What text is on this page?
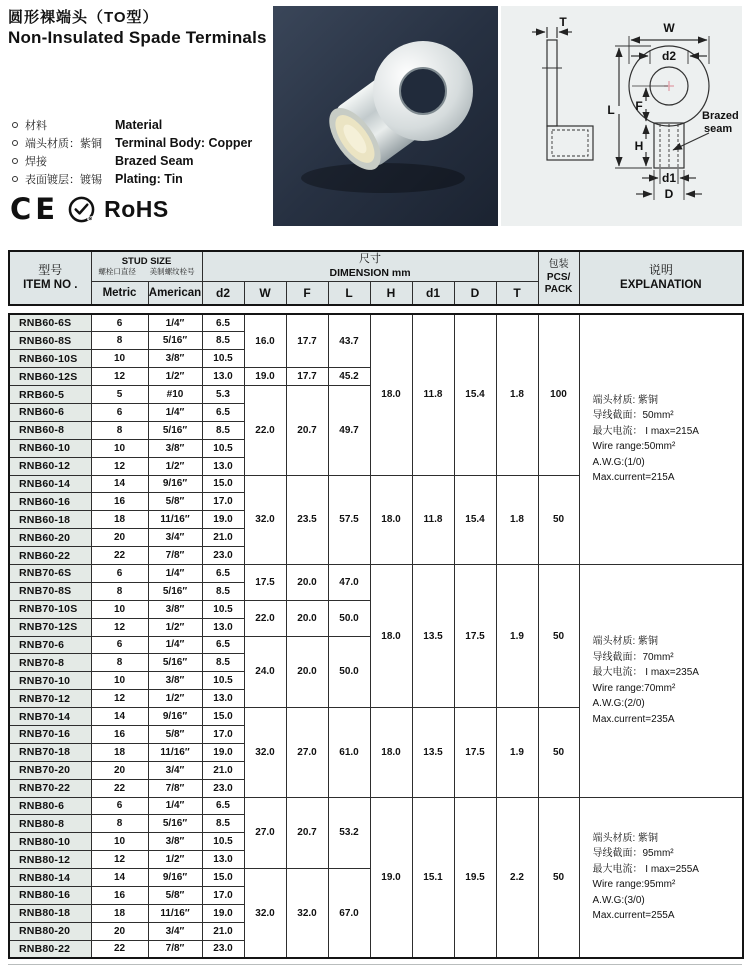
圆形裸端头（TO型）
Non-Insulated Spade Terminals
材料	Material
端头材质：紫铜	Terminal Body: Copper
焊接	Brazed Seam
表面镀层：镀锡	Plating: Tin
CE	※ RoHS
T	W
d2
L F
H
d1
D
Brazed
seam
型号
ITEM NO .

STUD SIZE
螺栓口直径 美制螺纹栓号

尺寸
DIMENSION mm

包装
PCS/
PACK

说明
EXPLANATION

	Metric	American	d2	W	F	L	H	d1	D	T		
RNB60-6S	6	1/4″	6.5	16.0	17.7	43.7	18.0	11.8	15.4	1.8	100	
端头材质: 紫铜
导线截面：50mm²
最大电流： I max=215A
Wire range:50mm²
A.W.G:(1/0)
Max.current=215A

RNB60-8S	8	5/16″	8.5									
RNB60-10S	10	3/8″	10.5									
RNB60-12S	12	1/2″	13.0	19.0	17.7	45.2						
RRB60-5	5	#10	5.3	22.0	20.7	49.7						
RNB60-6	6	1/4″	6.5									
RNB60-8	8	5/16″	8.5									
RNB60-10	10	3/8″	10.5									
RNB60-12	12	1/2″	13.0									
RNB60-14	14	9/16″	15.0	32.0	23.5	57.5	18.0	11.8	15.4	1.8	50	
RNB60-16	16	5/8″	17.0									
RNB60-18	18	11/16″	19.0									
RNB60-20	20	3/4″	21.0									
RNB60-22	22	7/8″	23.0									
RNB70-6S	6	1/4″	6.5	17.5	20.0	47.0	18.0	13.5	17.5	1.9	50	
端头材质: 紫铜
导线截面：70mm²
最大电流： I max=235A
Wire range:70mm²
A.W.G:(2/0)
Max.current=235A

RNB70-8S	8	5/16″	8.5									
RNB70-10S	10	3/8″	10.5	22.0	20.0	50.0						
RNB70-12S	12	1/2″	13.0									
RNB70-6	6	1/4″	6.5	24.0	20.0	50.0						
RNB70-8	8	5/16″	8.5									
RNB70-10	10	3/8″	10.5									
RNB70-12	12	1/2″	13.0									
RNB70-14	14	9/16″	15.0	32.0	27.0	61.0	18.0	13.5	17.5	1.9	50	
RNB70-16	16	5/8″	17.0									
RNB70-18	18	11/16″	19.0									
RNB70-20	20	3/4″	21.0									
RNB70-22	22	7/8″	23.0									
RNB80-6	6	1/4″	6.5	27.0	20.7	53.2	19.0	15.1	19.5	2.2	50	
端头材质: 紫铜
导线截面：95mm²
最大电流： I max=255A
Wire range:95mm²
A.W.G:(3/0)
Max.current=255A

RNB80-8	8	5/16″	8.5									
RNB80-10	10	3/8″	10.5									
RNB80-12	12	1/2″	13.0									
RNB80-14	14	9/16″	15.0	32.0	32.0	67.0						
RNB80-16	16	5/8″	17.0									
RNB80-18	18	11/16″	19.0									
RNB80-20	20	3/4″	21.0									
RNB80-22	22	7/8″	23.0									
